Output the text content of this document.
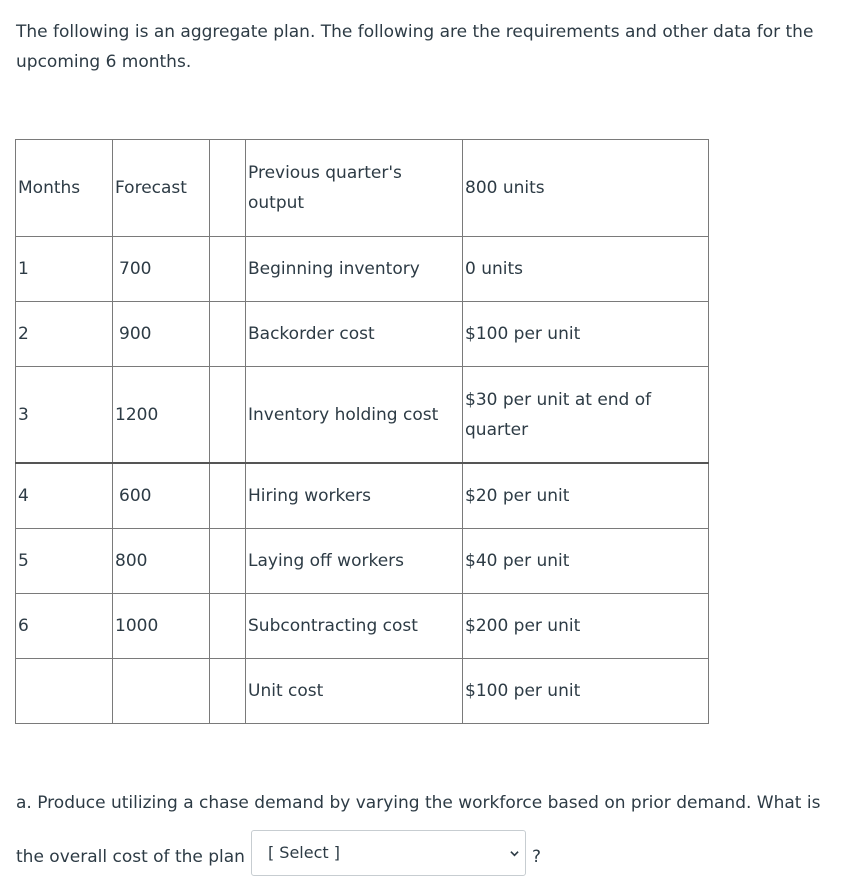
The following is an aggregate plan. The following are the requirements and other data for the upcoming 6 months.

Months	Forecast		Previous quarter's output	800 units
1	700		Beginning inventory	0 units
2	900		Backorder cost	$100 per unit
3	1200		Inventory holding cost	$30 per unit at end of quarter
4	600		Hiring workers	$20 per unit
5	800		Laying off workers	$40 per unit
6	1000		Subcontracting cost	$200 per unit
			Unit cost	$100 per unit
a. Produce utilizing a chase demand by varying the workforce based on prior demand. What is
the overall cost of the plan [ Select ]	?
